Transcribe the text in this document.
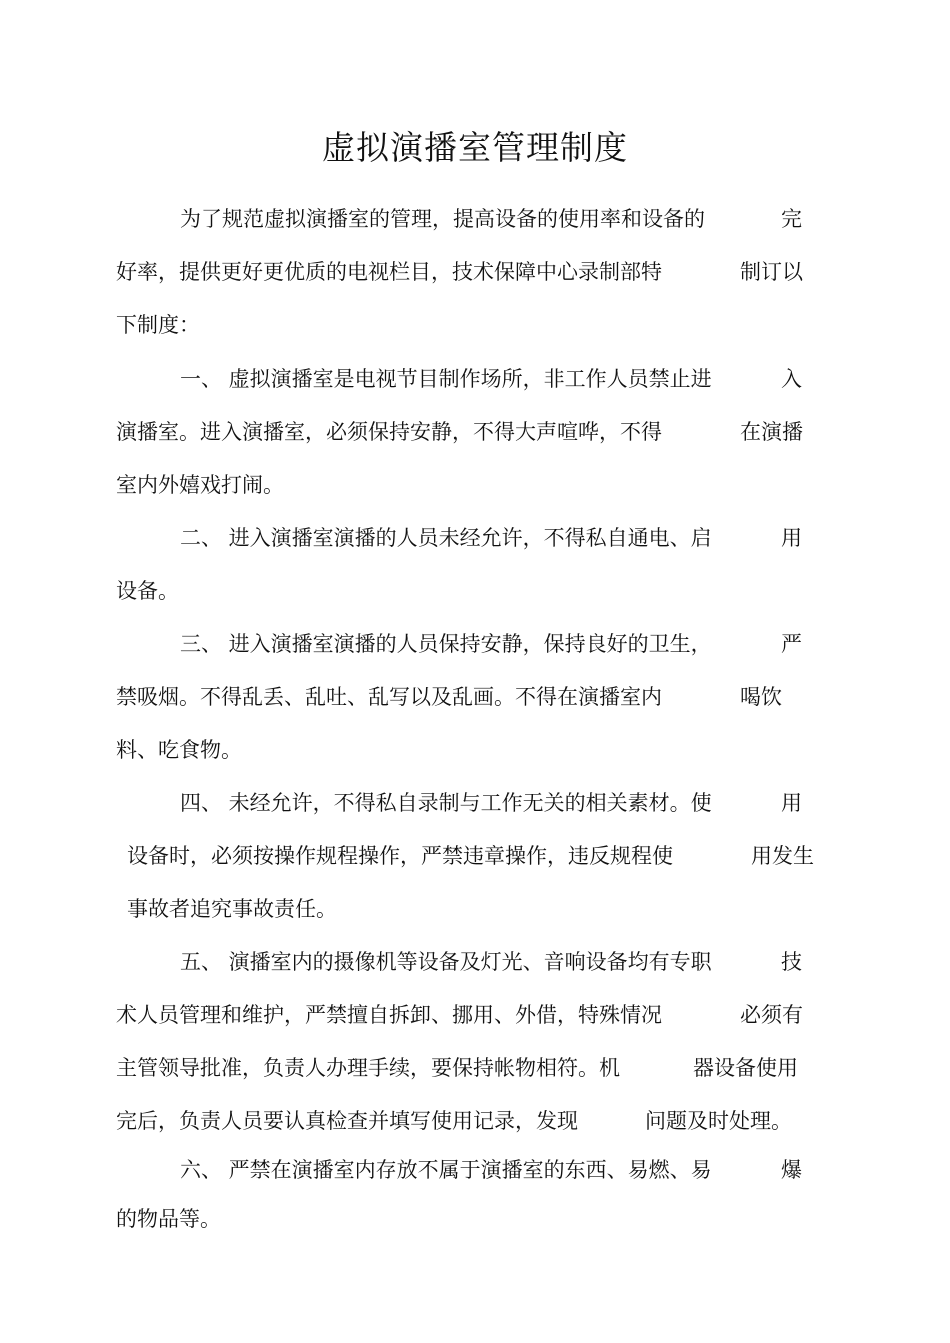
虚拟演播室管理制度
为了规范虚拟演播室的管理，提高设备的使用率和设备的	完
好率，提供更好更优质的电视栏目，技术保障中心录制部特	制订以
下制度：
一、 虚拟演播室是电视节目制作场所，非工作人员禁止进	入
演播室。进入演播室，必须保持安静，不得大声喧哗，不得	在演播
室内外嬉戏打闹。
二、 进入演播室演播的人员未经允许，不得私自通电、启	用
设备。
三、 进入演播室演播的人员保持安静，保持良好的卫生，	严
禁吸烟。不得乱丢、乱吐、乱写以及乱画。不得在演播室内	喝饮
料、吃食物。
四、 未经允许，不得私自录制与工作无关的相关素材。使	用
设备时，必须按操作规程操作，严禁违章操作，违反规程使	用发生
事故者追究事故责任。
五、 演播室内的摄像机等设备及灯光、音响设备均有专职	技
术人员管理和维护，严禁擅自拆卸、挪用、外借，特殊情况	必须有
主管领导批准，负责人办理手续，要保持帐物相符。机	器设备使用
完后，负责人员要认真检查并填写使用记录，发现	问题及时处理。
六、 严禁在演播室内存放不属于演播室的东西、易燃、易	爆
的物品等。
